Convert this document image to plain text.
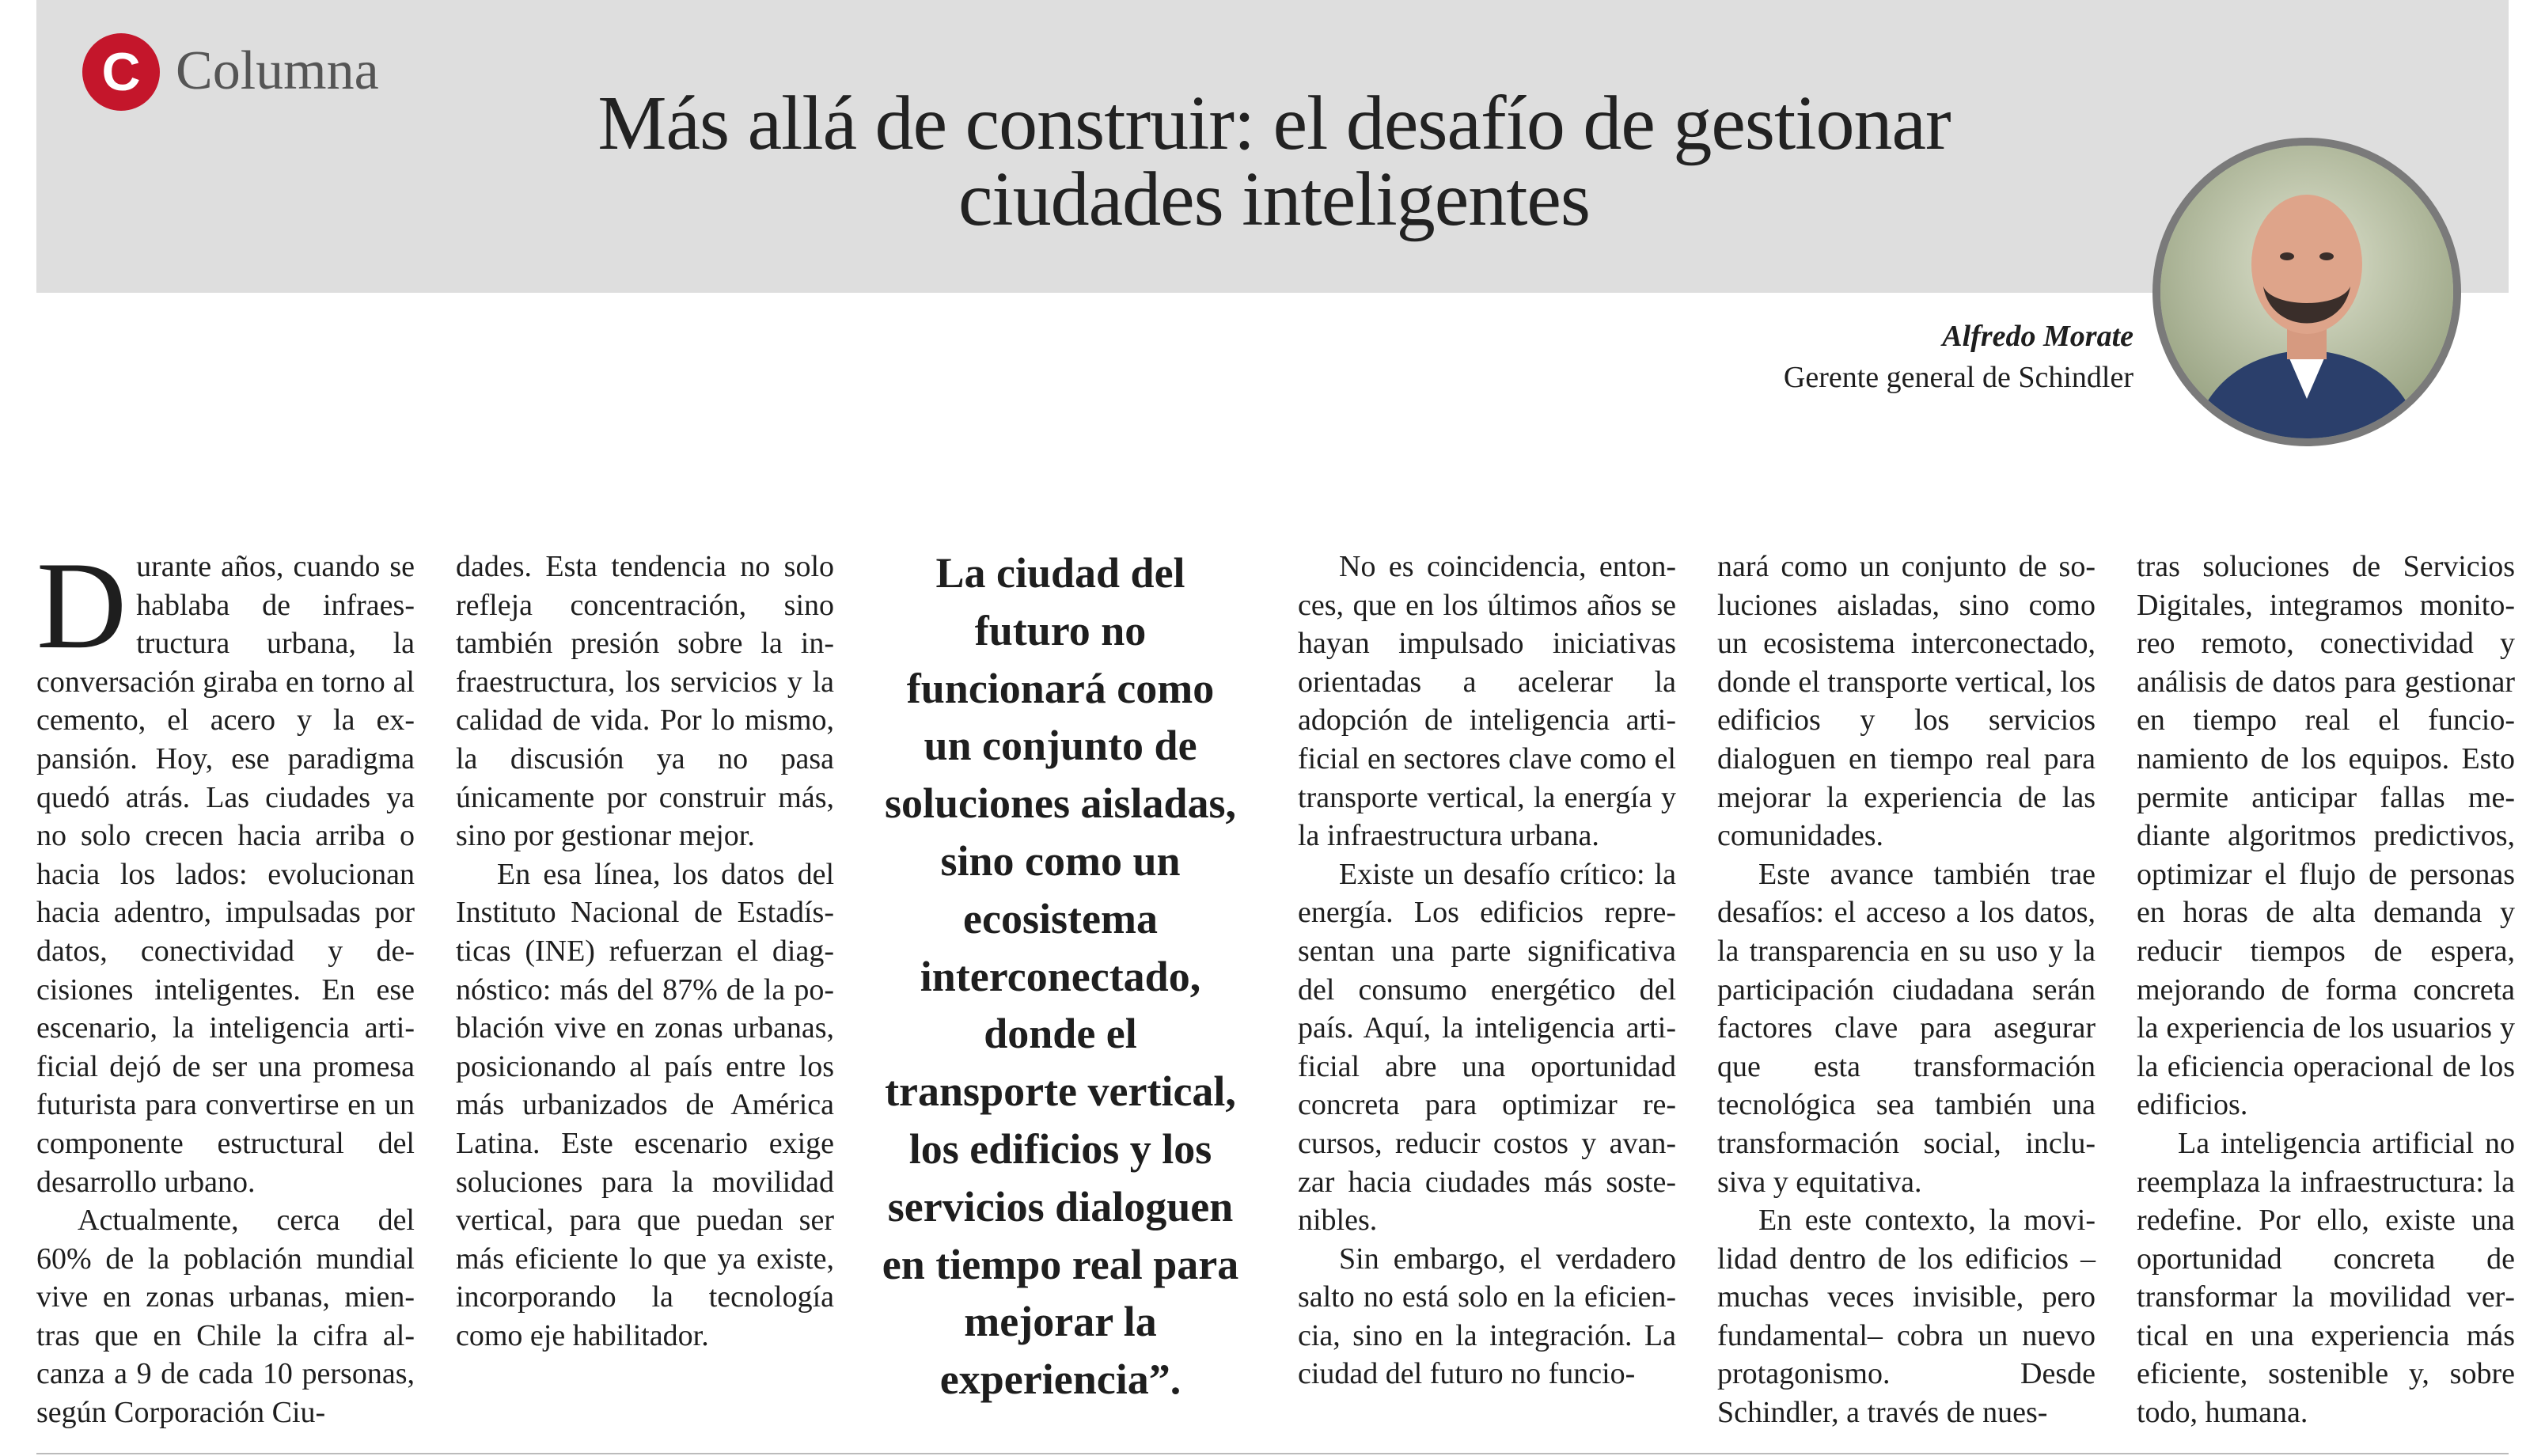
C Columna
Más allá de construir: el desafío de gestionar
ciudades inteligentes
Alfredo Morate
Gerente general de Schindler

Durante años, cuando se hablaba de infraestructura urbana, la conversación giraba en torno al cemento, el acero y la expansión. Hoy, ese paradigma quedó atrás. Las ciudades ya no solo crecen hacia arriba o hacia los lados: evolucionan hacia adentro, impulsadas por datos, conectividad y decisiones inteligentes. En ese escenario, la inteligencia artificial dejó de ser una promesa futurista para convertirse en un componente estructural del desarrollo urbano.

Actualmente, cerca del 60% de la población mundial vive en zonas urbanas, mientras que en Chile la cifra alcanza a 9 de cada 10 personas, según Corporación Ciu-

dades. Esta tendencia no solo refleja concentración, sino también presión sobre la infraestructura, los servicios y la calidad de vida. Por lo mismo, la discusión ya no pasa únicamente por construir más, sino por gestionar mejor.

En esa línea, los datos del Instituto Nacional de Estadísticas (INE) refuerzan el diagnóstico: más del 87% de la población vive en zonas urbanas, posicionando al país entre los más urbanizados de América Latina. Este escenario exige soluciones para la movilidad vertical, para que puedan ser más eficiente lo que ya existe, incorporando la tecnología como eje habilitador.

La ciudad del
futuro no
funcionará como
un conjunto de
soluciones aisladas,
sino como un
ecosistema
interconectado,
donde el
transporte vertical,
los edificios y los
servicios dialoguen
en tiempo real para
mejorar la
experiencia”.

No es coincidencia, entonces, que en los últimos años se hayan impulsado iniciativas orientadas a acelerar la adopción de inteligencia artificial en sectores clave como el transporte vertical, la energía y la infraestructura urbana.

Existe un desafío crítico: la energía. Los edificios representan una parte significativa del consumo energético del país. Aquí, la inteligencia artificial abre una oportunidad concreta para optimizar recursos, reducir costos y avanzar hacia ciudades más sostenibles.

Sin embargo, el verdadero salto no está solo en la eficiencia, sino en la integración. La ciudad del futuro no funcio-

nará como un conjunto de soluciones aisladas, sino como un ecosistema interconectado, donde el transporte vertical, los edificios y los servicios dialoguen en tiempo real para mejorar la experiencia de las comunidades.

Este avance también trae desafíos: el acceso a los datos, la transparencia en su uso y la participación ciudadana serán factores clave para asegurar que esta transformación tecnológica sea también una transformación social, inclusiva y equitativa.

En este contexto, la movilidad dentro de los edificios –muchas veces invisible, pero fundamental– cobra un nuevo protagonismo. Desde Schindler, a través de nues-

tras soluciones de Servicios Digitales, integramos monitoreo remoto, conectividad y análisis de datos para gestionar en tiempo real el funcionamiento de los equipos. Esto permite anticipar fallas mediante algoritmos predictivos, optimizar el flujo de personas en horas de alta demanda y reducir tiempos de espera, mejorando de forma concreta la experiencia de los usuarios y la eficiencia operacional de los edificios.

La inteligencia artificial no reemplaza la infraestructura: la redefine. Por ello, existe una oportunidad concreta de transformar la movilidad vertical en una experiencia más eficiente, sostenible y, sobre todo, humana.
